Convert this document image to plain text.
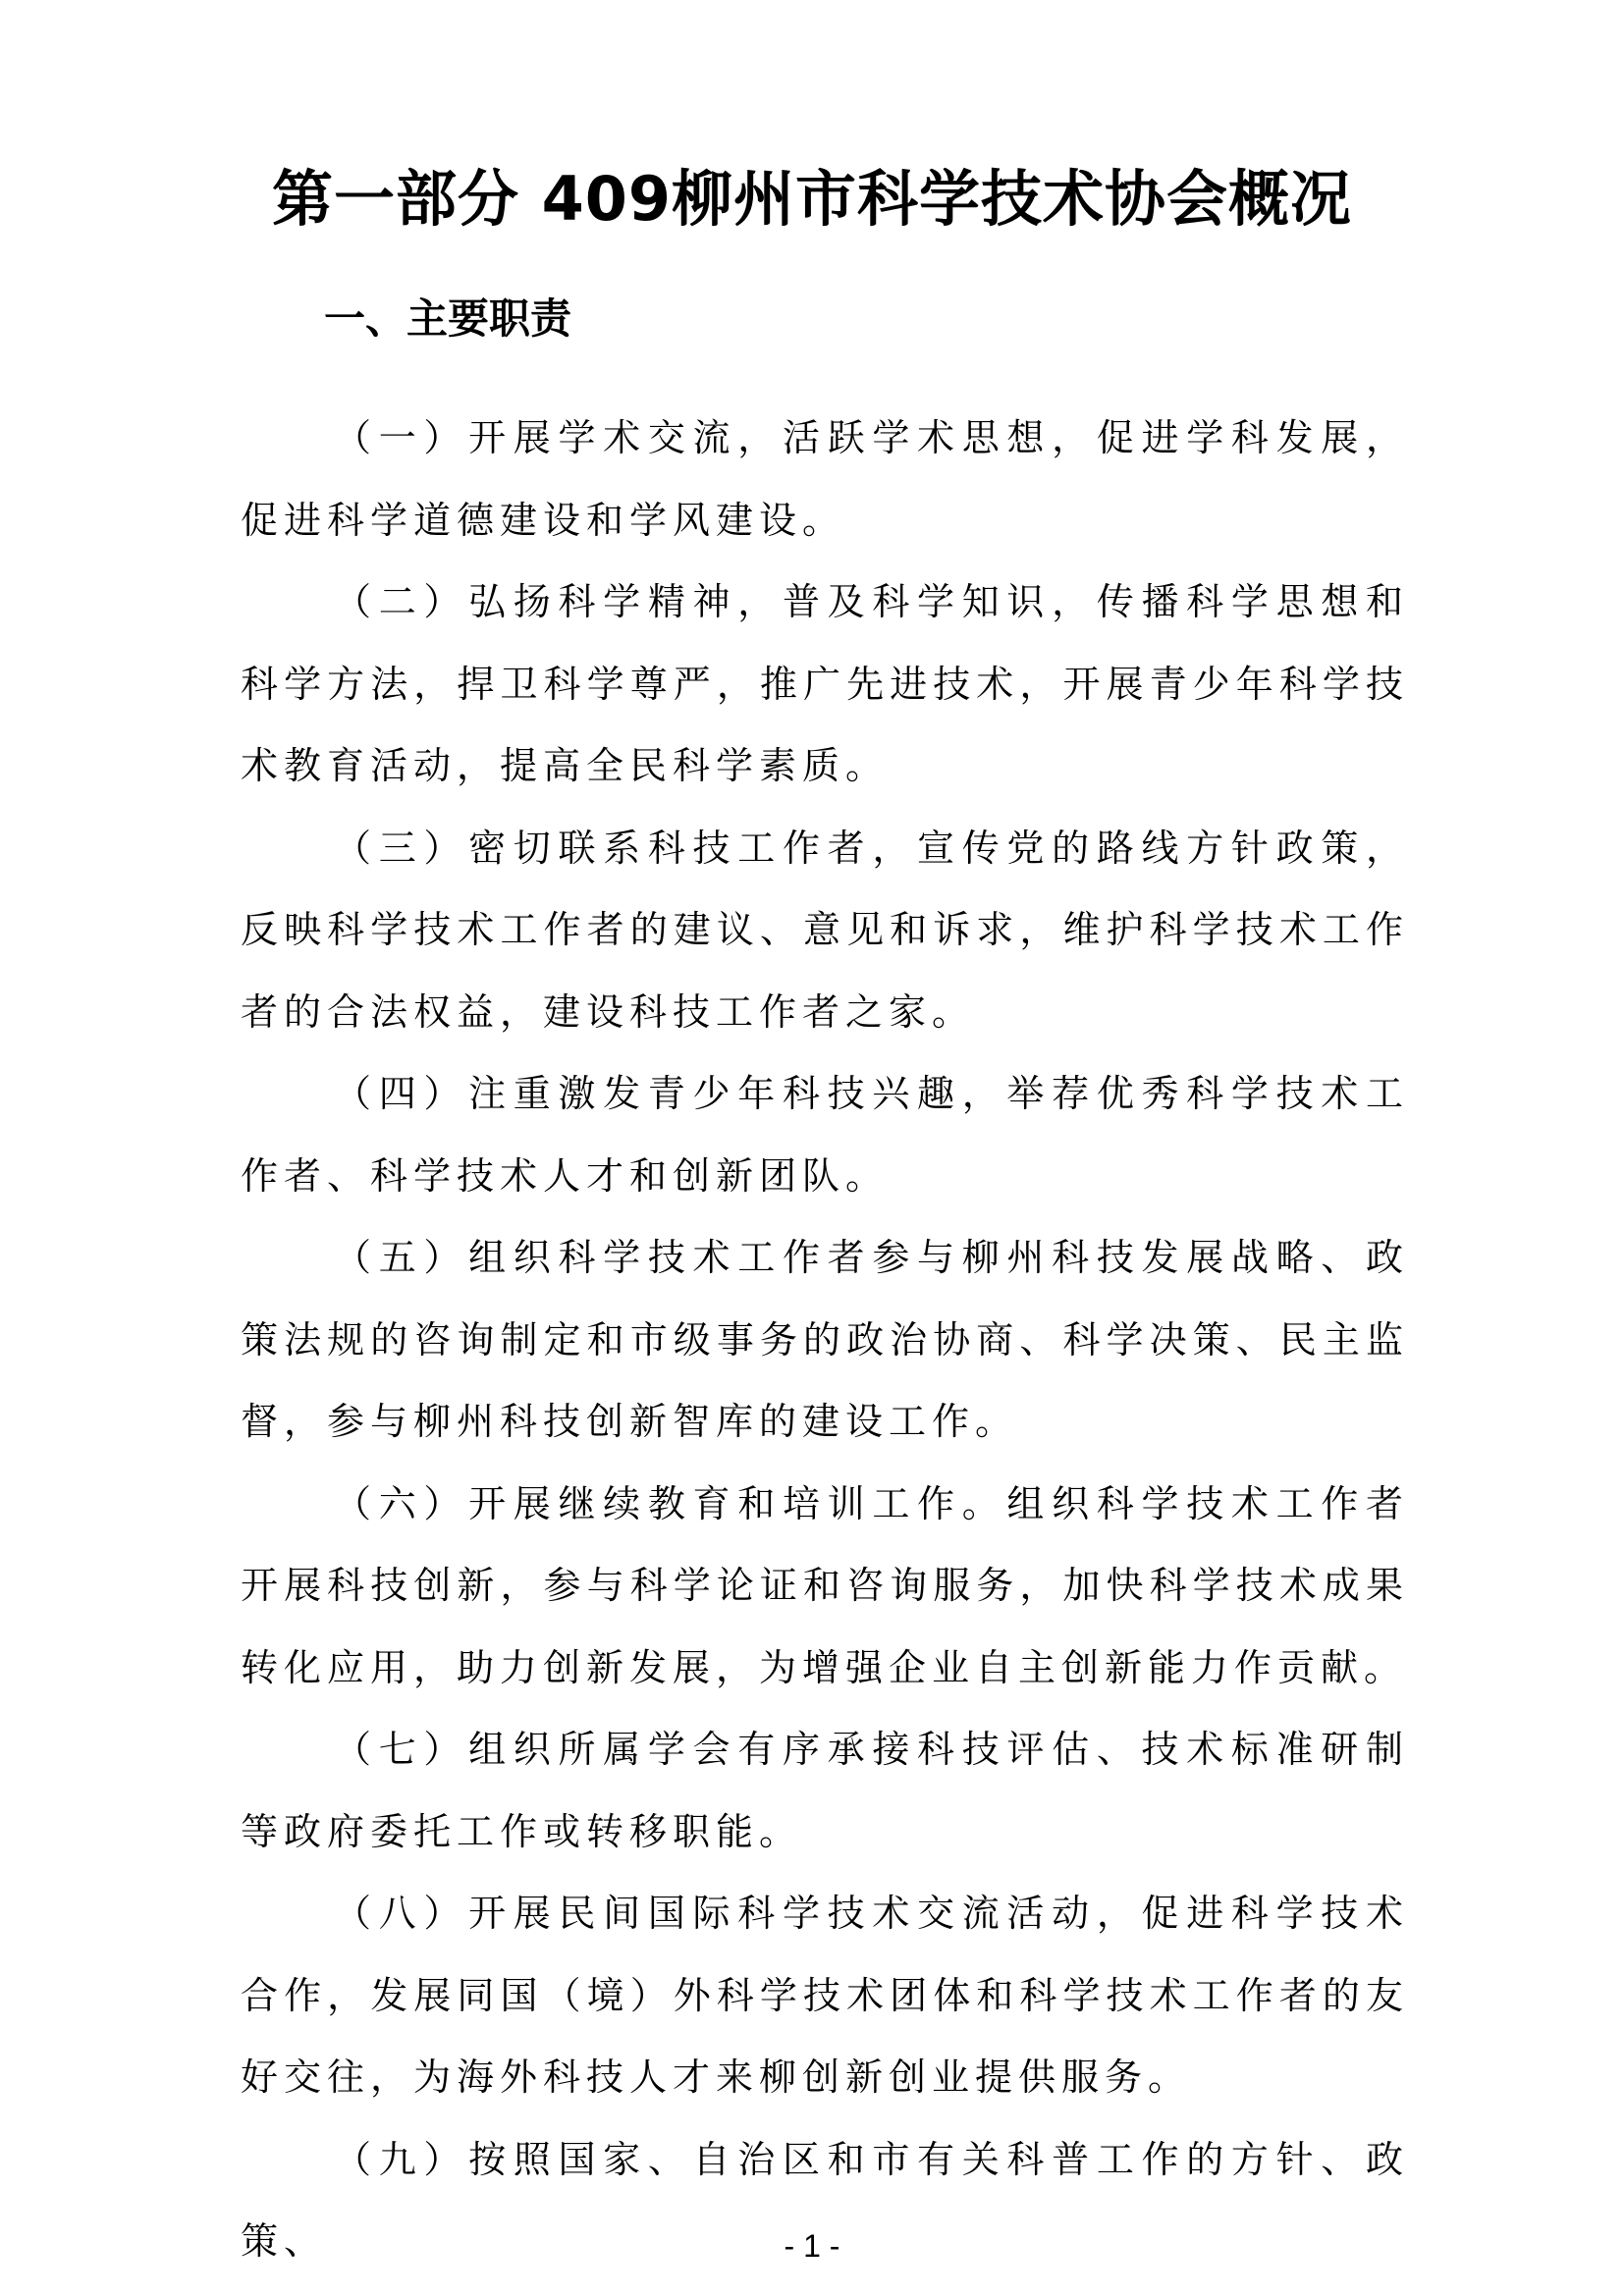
第一部分 409柳州市科学技术协会概况
一、主要职责

（一）开展学术交流，活跃学术思想，促进学科发展，促进科学道德建设和学风建设。

（二）弘扬科学精神，普及科学知识，传播科学思想和科学方法，捍卫科学尊严，推广先进技术，开展青少年科学技术教育活动，提高全民科学素质。

（三）密切联系科技工作者，宣传党的路线方针政策，反映科学技术工作者的建议、意见和诉求，维护科学技术工作者的合法权益，建设科技工作者之家。

（四）注重激发青少年科技兴趣，举荐优秀科学技术工作者、科学技术人才和创新团队。

（五）组织科学技术工作者参与柳州科技发展战略、政策法规的咨询制定和市级事务的政治协商、科学决策、民主监督，参与柳州科技创新智库的建设工作。

（六）开展继续教育和培训工作。组织科学技术工作者开展科技创新，参与科学论证和咨询服务，加快科学技术成果转化应用，助力创新发展，为增强企业自主创新能力作贡献。

（七）组织所属学会有序承接科技评估、技术标准研制等政府委托工作或转移职能。

（八）开展民间国际科学技术交流活动，促进科学技术合作，发展同国（境）外科学技术团体和科学技术工作者的友好交往，为海外科技人才来柳创新创业提供服务。

（九）按照国家、自治区和市有关科普工作的方针、政策、	- 1 -
